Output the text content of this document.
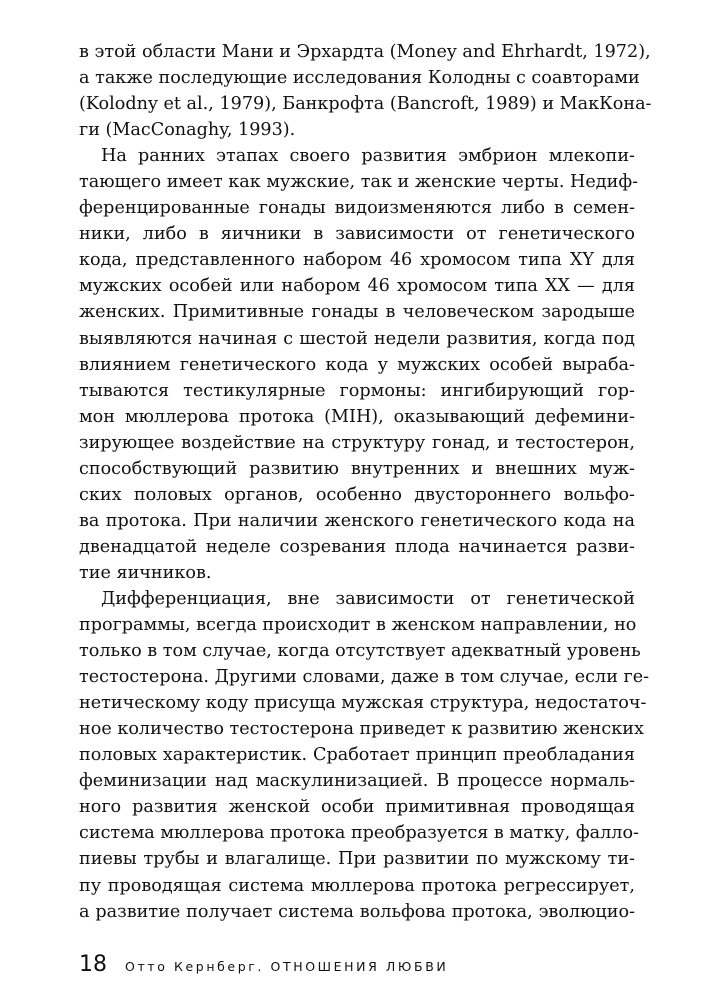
в этой области Мани и Эрхардта (Money and Ehrhardt, 1972),
а также последующие исследования Колодны с соавторами
(Kolodny et al., 1979), Банкрофта (Bancroft, 1989) и МакКона-
ги (MacConaghy, 1993).
На ранних этапах своего развития эмбрион млекопи-
тающего имеет как мужские, так и женские черты. Недиф-
ференцированные гонады видоизменяются либо в семен-
ники, либо в яичники в зависимости от генетического
кода, представленного набором 46 хромосом типа XY для
мужских особей или набором 46 хромосом типа XX — для
женских. Примитивные гонады в человеческом зародыше
выявляются начиная с шестой недели развития, когда под
влиянием генетического кода у мужских особей выраба-
тываются тестикулярные гормоны: ингибирующий гор-
мон мюллерова протока (MIH), оказывающий дефемини-
зирующее воздействие на структуру гонад, и тестостерон,
способствующий развитию внутренних и внешних муж-
ских половых органов, особенно двустороннего вольфо-
ва протока. При наличии женского генетического кода на
двенадцатой неделе созревания плода начинается разви-
тие яичников.
Дифференциация, вне зависимости от генетической
программы, всегда происходит в женском направлении, но
только в том случае, когда отсутствует адекватный уровень
тестостерона. Другими словами, даже в том случае, если ге-
нетическому коду присуща мужская структура, недостаточ-
ное количество тестостерона приведет к развитию женских
половых характеристик. Сработает принцип преобладания
феминизации над маскулинизацией. В процессе нормаль-
ного развития женской особи примитивная проводящая
система мюллерова протока преобразуется в матку, фалло-
пиевы трубы и влагалище. При развитии по мужскому ти-
пу проводящая система мюллерова протока регрессирует,
а развитие получает система вольфова протока, эволюцио-
18 Отто Кернберг. ОТНОШЕНИЯ ЛЮБВИ
